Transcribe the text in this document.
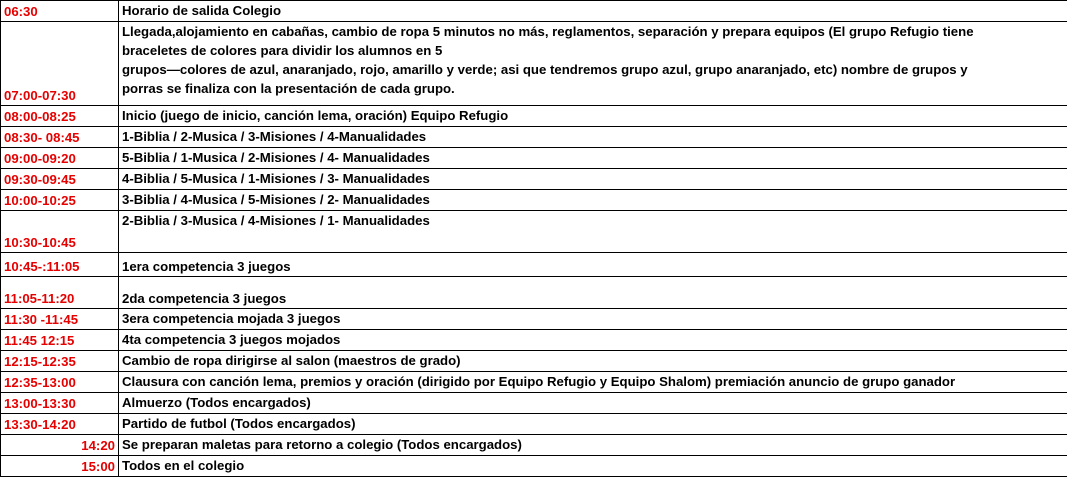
06:30	Horario de salida Colegio

07:00-07:30	Llegada,alojamiento en cabañas, cambio de ropa 5 minutos no más, reglamentos, separación y prepara equipos (El grupo Refugio tiene
braceletes de colores para dividir los alumnos en 5
grupos—colores de azul, anaranjado, rojo, amarillo y verde; asi que tendremos grupo azul, grupo anaranjado, etc) nombre de grupos y
porras se finaliza con la presentación de cada grupo.

08:00-08:25	Inicio (juego de inicio, canción lema, oración) Equipo Refugio

08:30- 08:45	1-Biblia / 2-Musica / 3-Misiones / 4-Manualidades

09:00-09:20	5-Biblia / 1-Musica / 2-Misiones / 4- Manualidades

09:30-09:45	4-Biblia / 5-Musica / 1-Misiones / 3- Manualidades

10:00-10:25	3-Biblia / 4-Musica / 5-Misiones / 2- Manualidades

10:30-10:45	2-Biblia / 3-Musica / 4-Misiones / 1- Manualidades

10:45-:11:05	1era competencia 3 juegos

11:05-11:20	2da competencia 3 juegos

11:30 -11:45	3era competencia mojada 3 juegos

11:45 12:15	4ta competencia 3 juegos mojados

12:15-12:35	Cambio de ropa dirigirse al salon (maestros de grado)

12:35-13:00	Clausura con canción lema, premios y oración (dirigido por Equipo Refugio y Equipo Shalom) premiación anuncio de grupo ganador

13:00-13:30	Almuerzo (Todos encargados)

13:30-14:20	Partido de futbol (Todos encargados)

14:20	Se preparan maletas para retorno a colegio (Todos encargados)

15:00	Todos en el colegio
